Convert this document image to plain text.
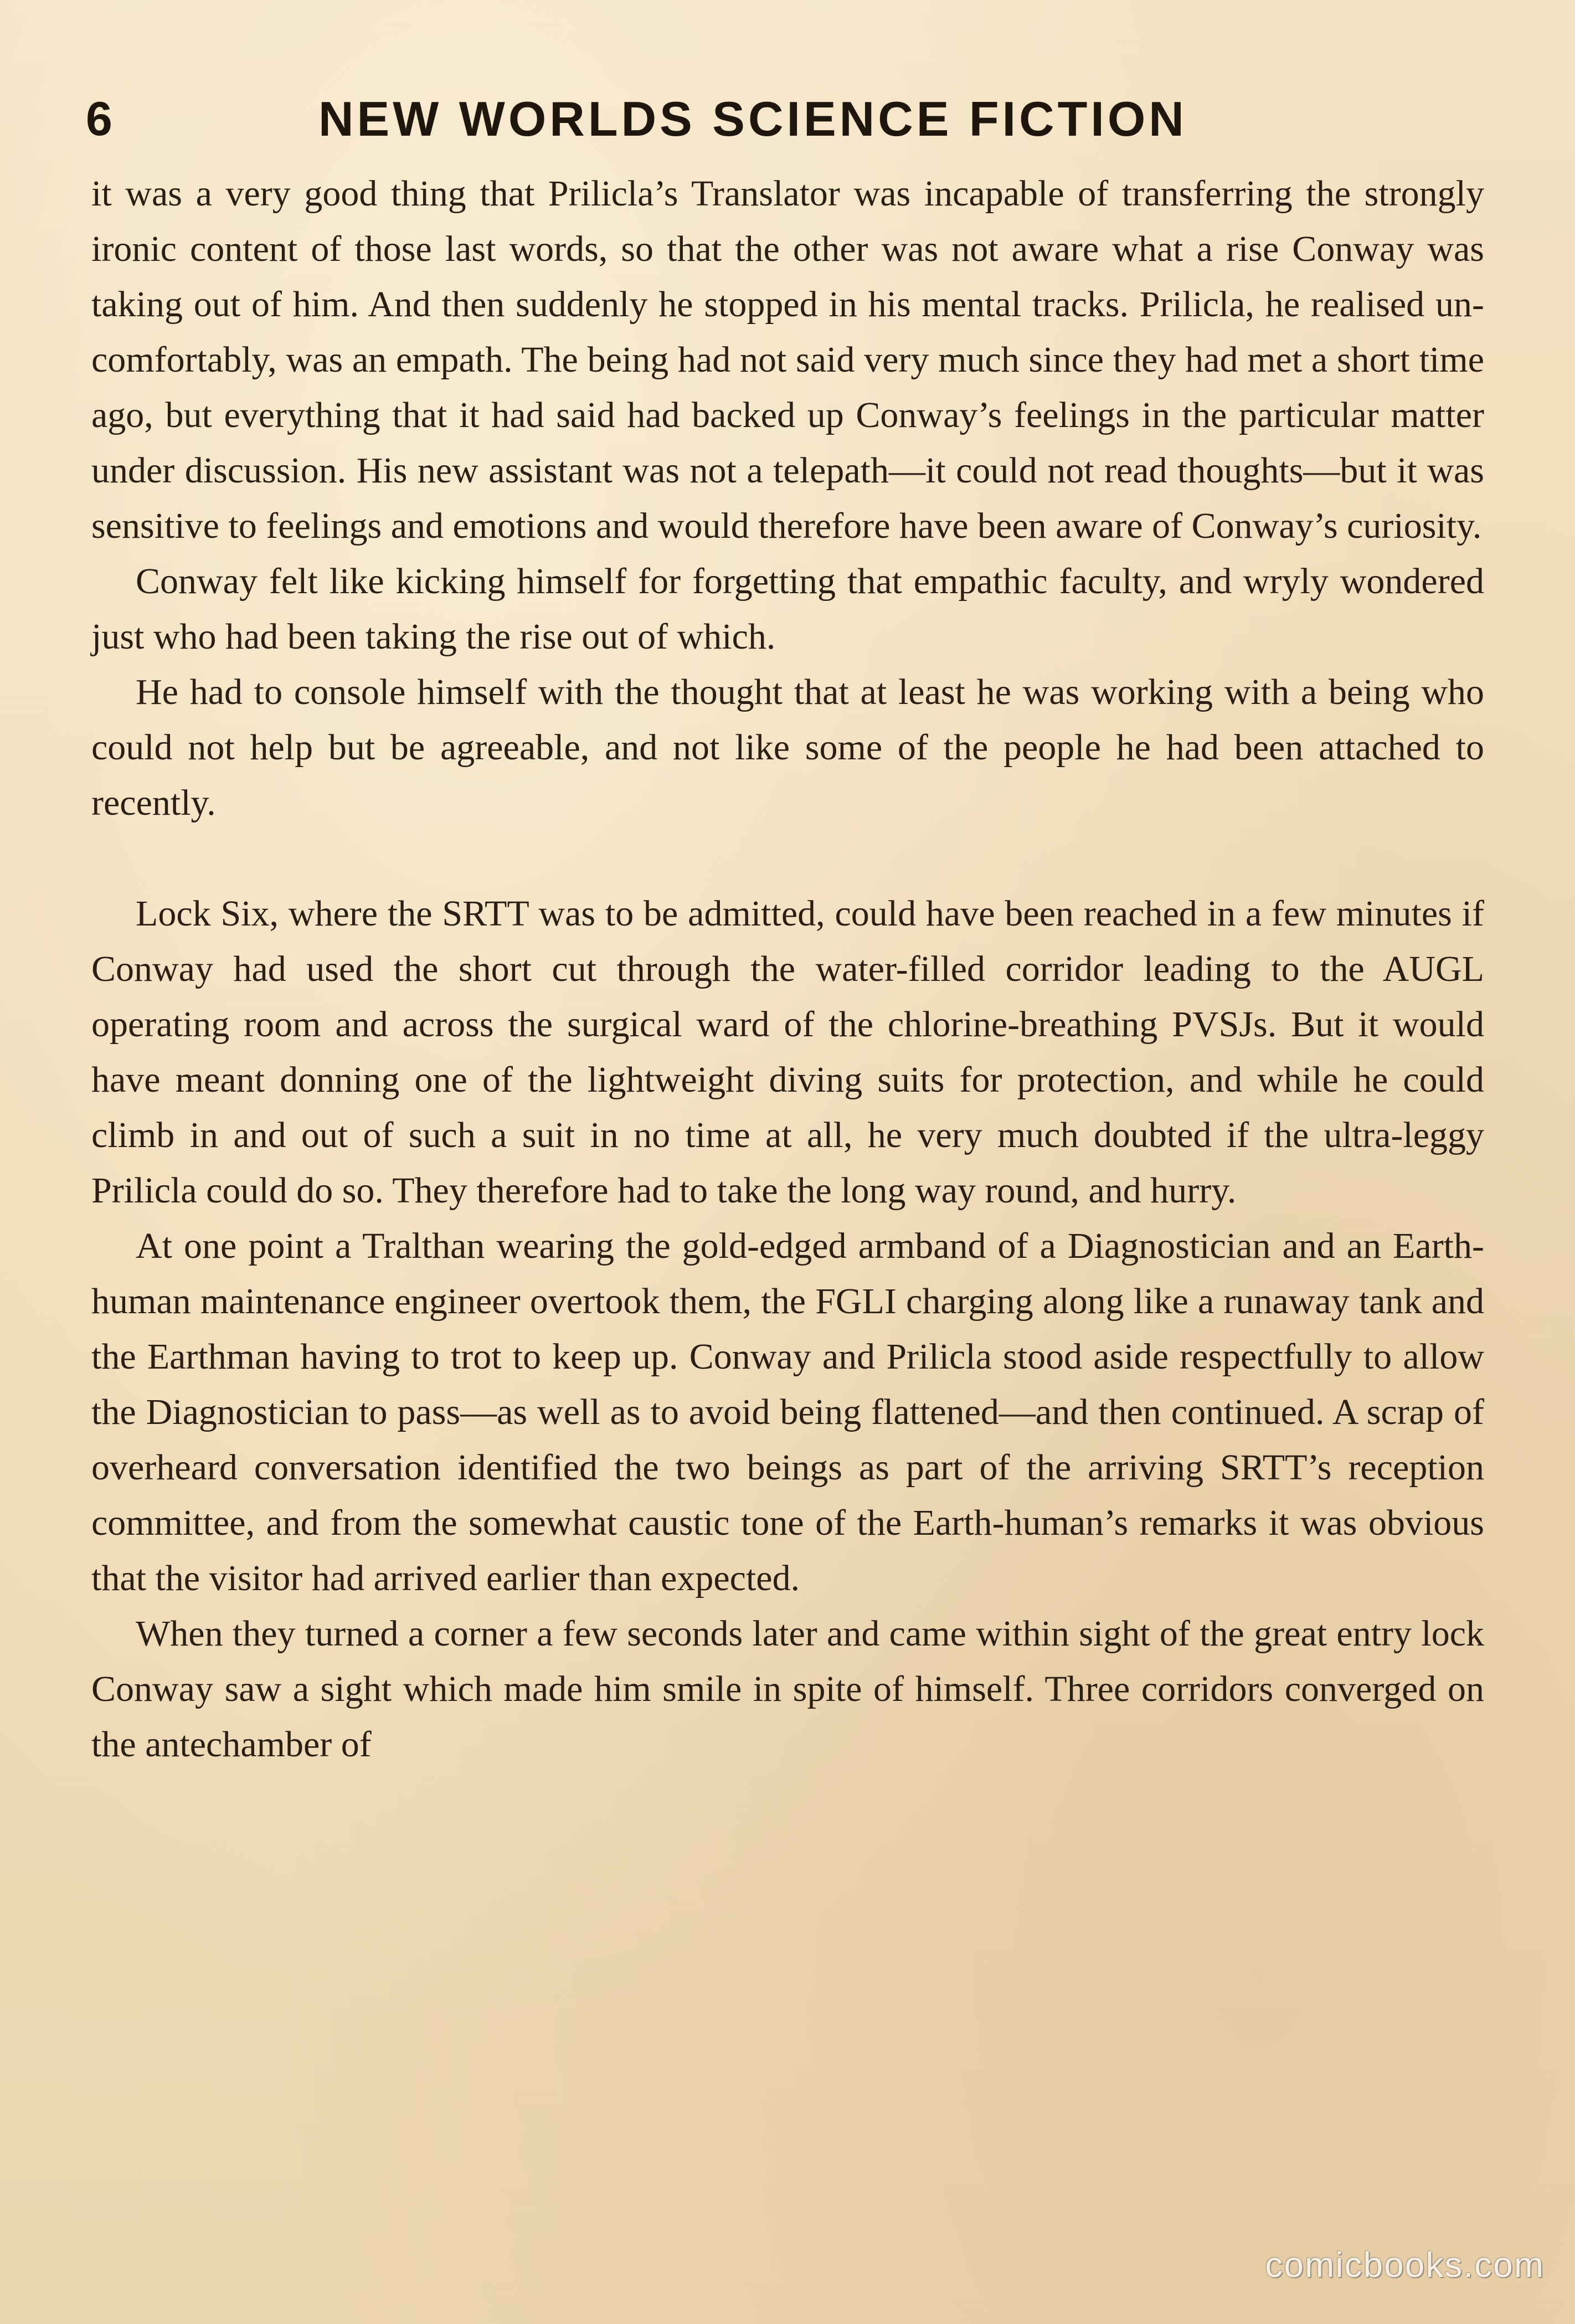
6	NEW WORLDS SCIENCE FICTION

it was a very good thing that Prilicla’s Translator was incapable of transferring the strongly ironic content of those last words, so that the other was not aware what a rise Conway was taking out of him. And then suddenly he stopped in his mental tracks. Prilicla, he realised uncomfortably, was an empath. The being had not said very much since they had met a short time ago, but everything that it had said had backed up Conway’s feelings in the particular matter under discussion. His new assistant was not a telepath—it could not read thoughts—but it was sensitive to feelings and emotions and would therefore have been aware of Conway’s curiosity.

Conway felt like kicking himself for forgetting that empathic faculty, and wryly wondered just who had been taking the rise out of which.

He had to console himself with the thought that at least he was working with a being who could not help but be agreeable, and not like some of the people he had been attached to recently.

Lock Six, where the SRTT was to be admitted, could have been reached in a few minutes if Conway had used the short cut through the water-filled corridor leading to the AUGL operating room and across the surgical ward of the chlorine-breathing PVSJs. But it would have meant donning one of the lightweight diving suits for protection, and while he could climb in and out of such a suit in no time at all, he very much doubted if the ultra-leggy Prilicla could do so. They therefore had to take the long way round, and hurry.

At one point a Tralthan wearing the gold-edged armband of a Diagnostician and an Earth-human maintenance engineer overtook them, the FGLI charging along like a runaway tank and the Earthman having to trot to keep up. Conway and Prilicla stood aside respectfully to allow the Diagnostician to pass—as well as to avoid being flattened—and then continued. A scrap of overheard conversation identified the two beings as part of the arriving SRTT’s reception committee, and from the somewhat caustic tone of the Earth-human’s remarks it was obvious that the visitor had arrived earlier than expected.

When they turned a corner a few seconds later and came within sight of the great entry lock Conway saw a sight which made him smile in spite of himself. Three corridors converged on the antechamber of

comicbooks.com
